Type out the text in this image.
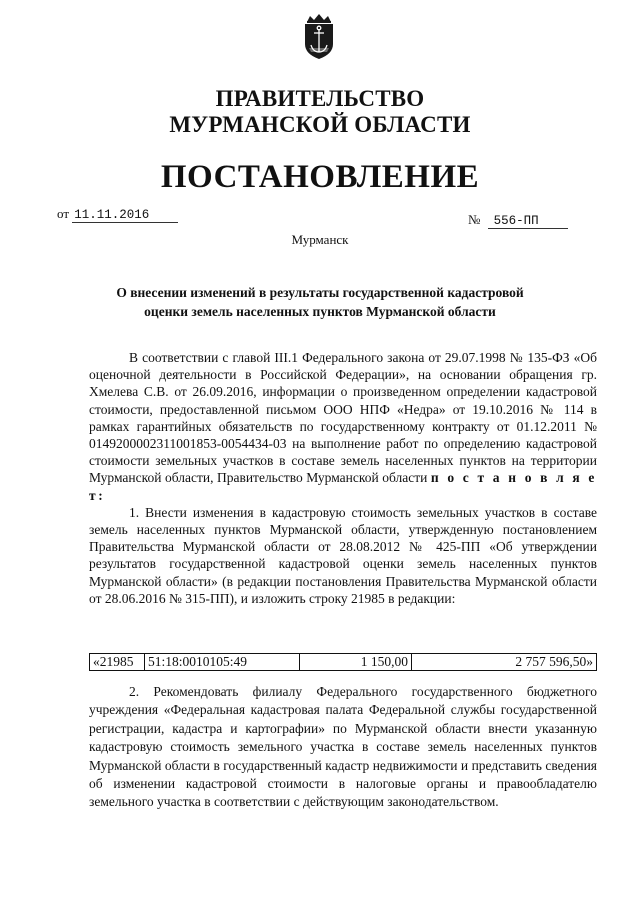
ПРАВИТЕЛЬСТВО
МУРМАНСКОЙ ОБЛАСТИ
ПОСТАНОВЛЕНИЕ
от 11.11.2016	№ 556-ПП
Мурманск
О внесении изменений в результаты государственной кадастровой
оценки земель населенных пунктов Мурманской области

В соответствии с главой III.1 Федерального закона от 29.07.1998 № 135-ФЗ «Об оценочной деятельности в Российской Федерации», на основании обращения гр. Хмелева С.В. от 26.09.2016, информации о произведенном определении кадастровой стоимости, предоставленной письмом ООО НПФ «Недра» от 19.10.2016 № 114 в рамках гарантийных обязательств по государственному контракту от 01.12.2011 № 0149200002311001853-0054434-03 на выполнение работ по определению кадастровой стоимости земельных участков в составе земель населенных пунктов на территории Мурманской области, Правительство Мурманской области п о с т а н о в л я е т:

1. Внести изменения в кадастровую стоимость земельных участков в составе земель населенных пунктов Мурманской области, утвержденную постановлением Правительства Мурманской области от 28.08.2012 № 425-ПП «Об утверждении результатов государственной кадастровой оценки земель населенных пунктов Мурманской области» (в редакции постановления Правительства Мурманской области от 28.06.2016 № 315-ПП), и изложить строку 21985 в редакции:

«21985	51:18:0010105:49	1 150,00	2 757 596,50»

2. Рекомендовать филиалу Федерального государственного бюджетного учреждения «Федеральная кадастровая палата Федеральной службы государственной регистрации, кадастра и картографии» по Мурманской области внести указанную кадастровую стоимость земельного участка в составе земель населенных пунктов Мурманской области в государственный кадастр недвижимости и представить сведения об изменении кадастровой стоимости в налоговые органы и правообладателю земельного участка в соответствии с действующим законодательством.
